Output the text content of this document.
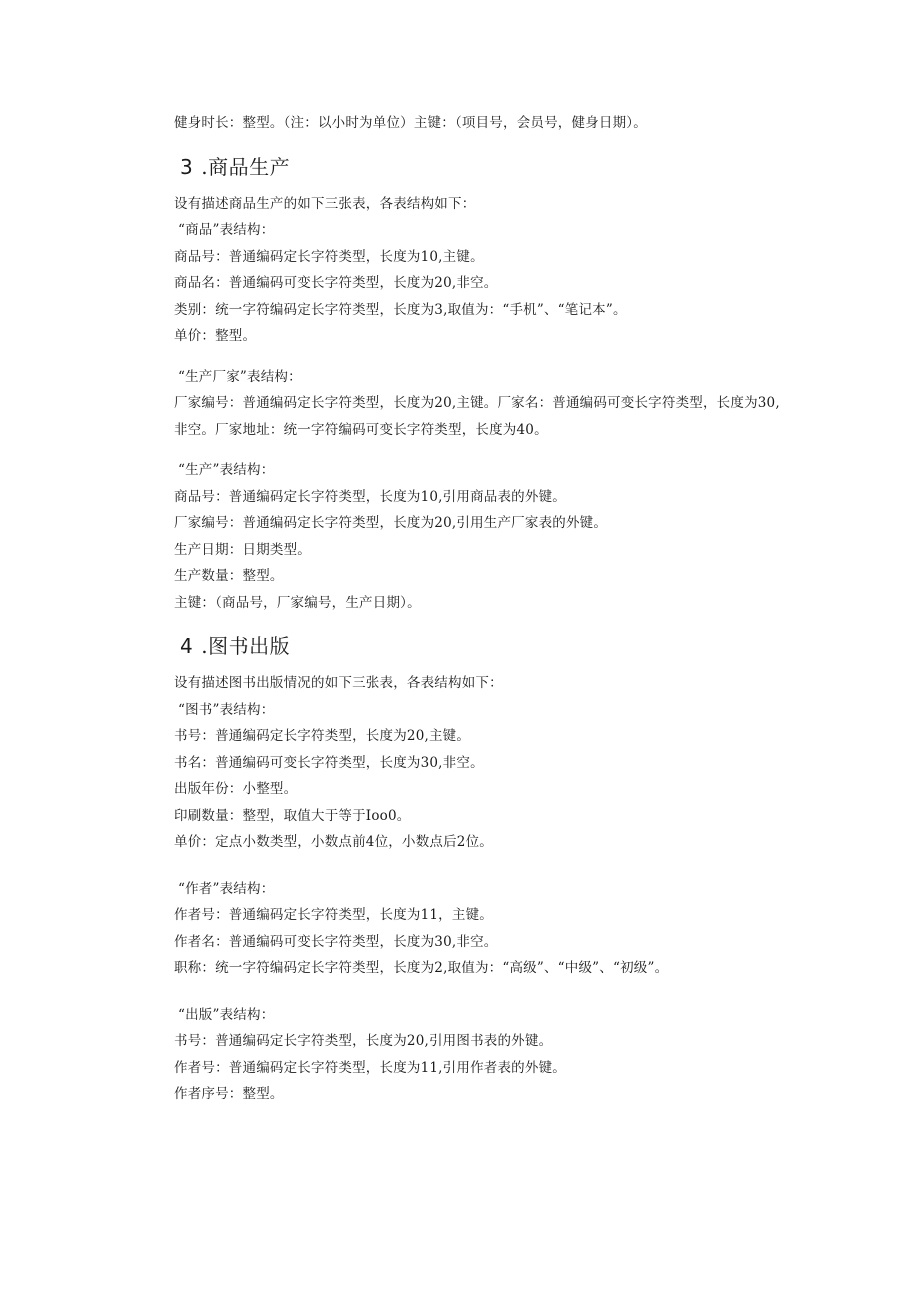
健身时长：整型。（注：以小时为单位）主键：（项目号，会员号，健身日期）。
3 .商品生产
设有描述商品生产的如下三张表，各表结构如下：
“商品”表结构：
商品号：普通编码定长字符类型，长度为10,主键。
商品名：普通编码可变长字符类型，长度为20,非空。
类别：统一字符编码定长字符类型，长度为3,取值为：“手机”、“笔记本”。
单价：整型。
“生产厂家”表结构：
厂家编号：普通编码定长字符类型，长度为20,主键。厂家名：普通编码可变长字符类型，长度为30,非空。厂家地址：统一字符编码可变长字符类型，长度为40。
“生产”表结构：
商品号：普通编码定长字符类型，长度为10,引用商品表的外键。
厂家编号：普通编码定长字符类型，长度为20,引用生产厂家表的外键。
生产日期：日期类型。
生产数量：整型。
主键：（商品号，厂家编号，生产日期）。
4 .图书出版
设有描述图书出版情况的如下三张表，各表结构如下：
“图书”表结构：
书号：普通编码定长字符类型，长度为20,主键。
书名：普通编码可变长字符类型，长度为30,非空。
出版年份：小整型。
印刷数量：整型，取值大于等于Ioo0。
单价：定点小数类型，小数点前4位，小数点后2位。
“作者”表结构：
作者号：普通编码定长字符类型，长度为11，主键。
作者名：普通编码可变长字符类型，长度为30,非空。
职称：统一字符编码定长字符类型，长度为2,取值为：“高级”、“中级”、“初级”。
“出版”表结构：
书号：普通编码定长字符类型，长度为20,引用图书表的外键。
作者号：普通编码定长字符类型，长度为11,引用作者表的外键。
作者序号：整型。
